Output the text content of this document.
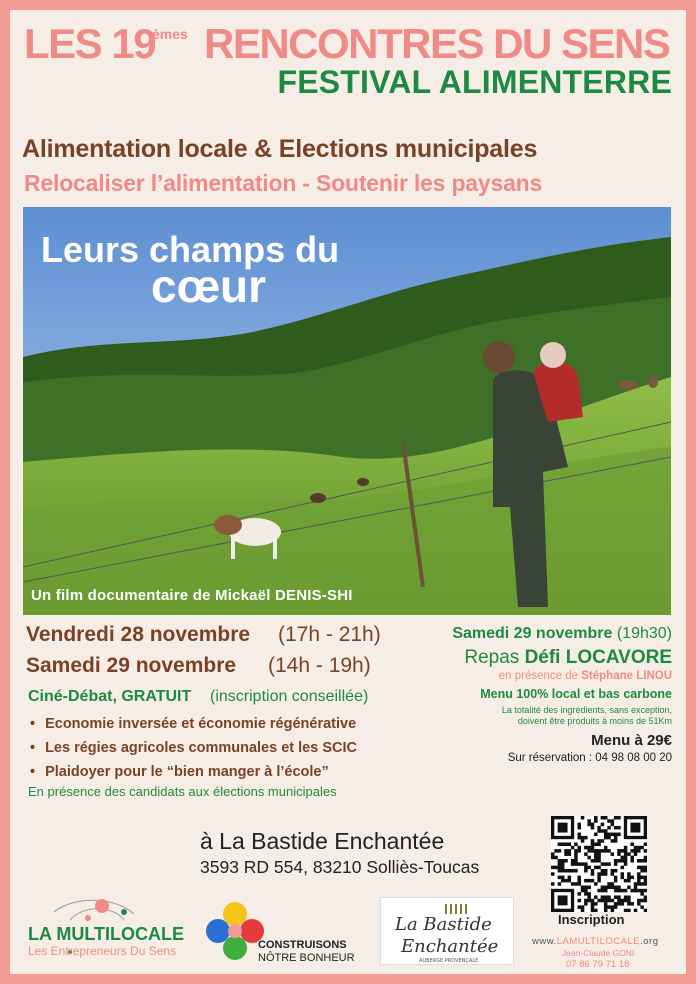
LES 19
èmes RENCONTRES DU SENS
FESTIVAL ALIMENTERRE
Alimentation locale & Elections municipales
Relocaliser l’alimentation - Soutenir les paysans
Leurs champs du
cœur
Un film documentaire de Mickaël DENIS-SHI
Vendredi 28 novembre (17h - 21h)
Samedi 29 novembre (14h - 19h)
Ciné-Débat, GRATUIT (inscription conseillée)
• Economie inversée et économie régénérative
• Les régies agricoles communales et les SCIC
• Plaidoyer pour le “bien manger à l’école”
En présence des candidats aux élections municipales
Samedi 29 novembre (19h30)
Repas Défi LOCAVORE
en présence de Stéphane LINOU
Menu 100% local et bas carbone
La totalité des ingrédients, sans exception,
doivent être produits à moins de 51Km
Menu à 29€
Sur réservation : 04 98 08 00 20
à La Bastide Enchantée
3593 RD 554, 83210 Solliès-Toucas
Inscription
www.LAMULTILOCALE.org
Jean-Claude GONI
07 86 79 71 18
LA MULTILOCALE
Les Entrepreneurs Du Sens	CONSTRUISONS
NÔTRE BONHEUR
La Bastide
Enchantée
AUBERGE PROVENÇALE
